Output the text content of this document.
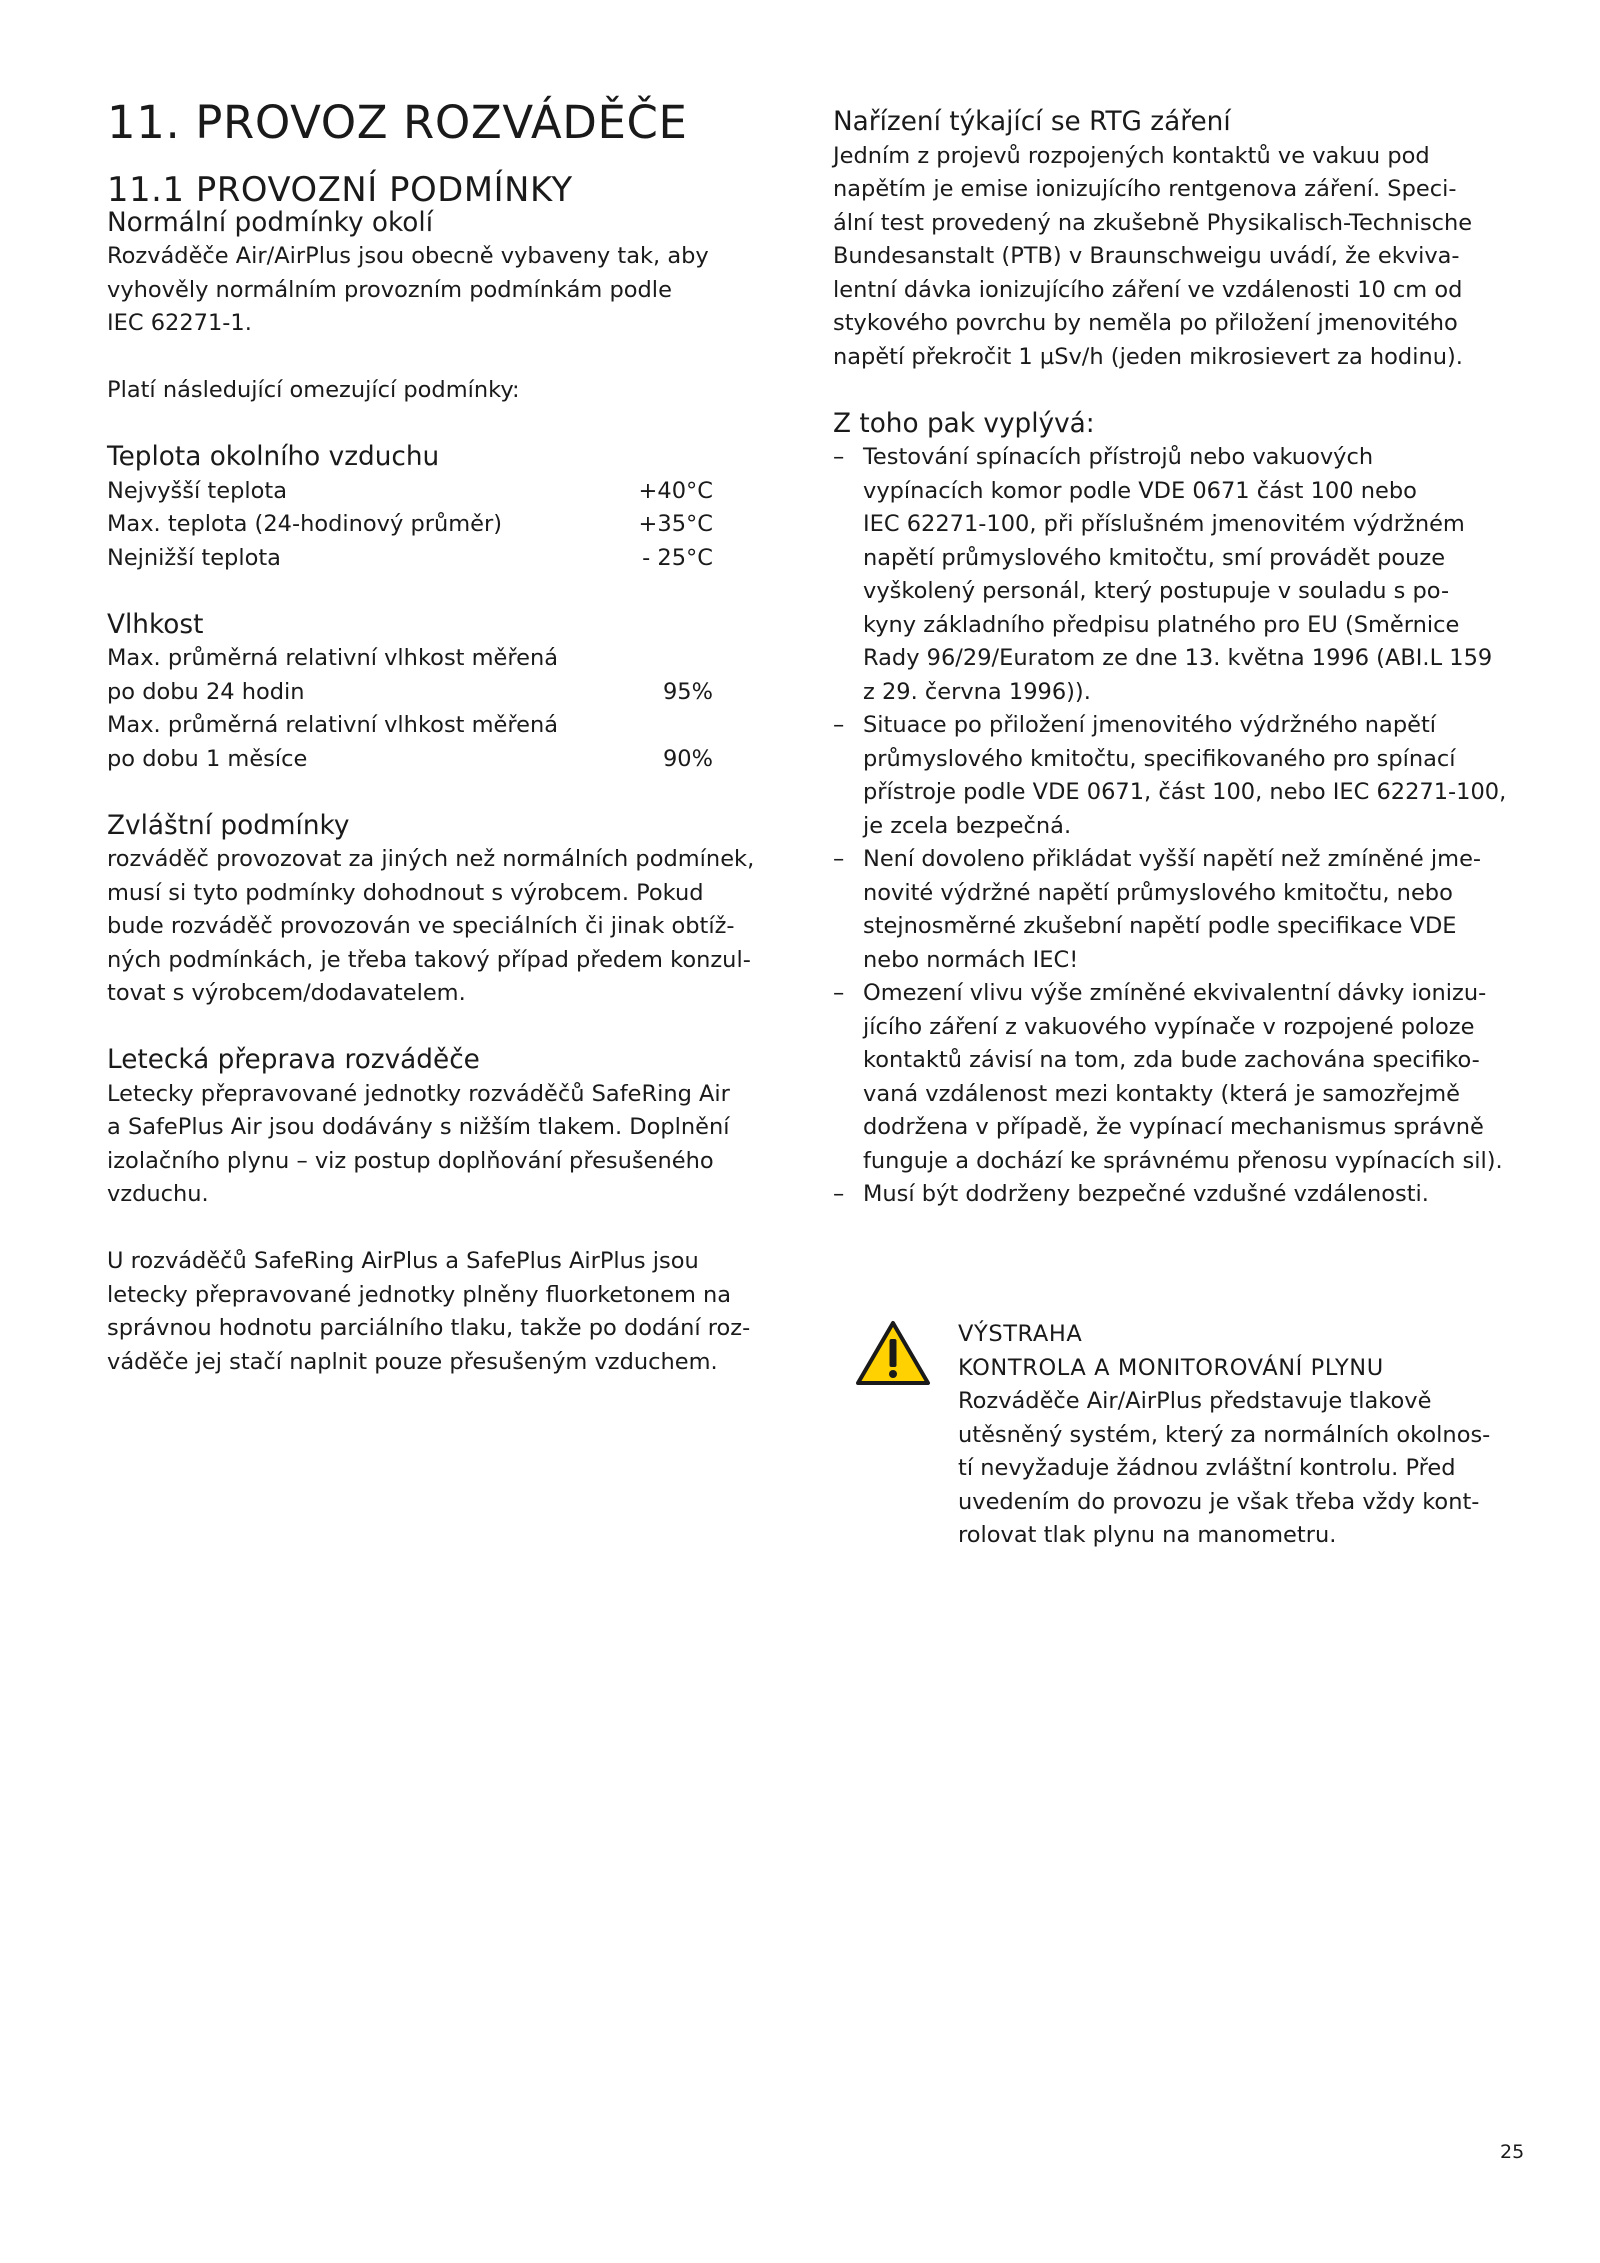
11. PROVOZ ROZVÁDĚČE
11.1 PROVOZNÍ PODMÍNKY
Normální podmínky okolí
Rozváděče Air/AirPlus jsou obecně vybaveny tak, aby
vyhověly normálním provozním podmínkám podle
IEC 62271-1.

Platí následující omezující podmínky:

Teplota okolního vzduchu
Nejvyšší teplota	+40°C
Max. teplota (24-hodinový průměr)	+35°C
Nejnižší teplota	- 25°C
Vlhkost
Max. průměrná relativní vlhkost měřená
po dobu 24 hodin	95%
Max. průměrná relativní vlhkost měřená
po dobu 1 měsíce	90%
Zvláštní podmínky
rozváděč provozovat za jiných než normálních podmínek,
musí si tyto podmínky dohodnout s výrobcem. Pokud
bude rozváděč provozován ve speciálních či jinak obtíž-
ných podmínkách, je třeba takový případ předem konzul-
tovat s výrobcem/dodavatelem.
Letecká přeprava rozváděče
Letecky přepravované jednotky rozváděčů SafeRing Air
a SafePlus Air jsou dodávány s nižším tlakem. Doplnění
izolačního plynu – viz postup doplňování přesušeného
vzduchu.
U rozváděčů SafeRing AirPlus a SafePlus AirPlus jsou
letecky přepravované jednotky plněny fluorketonem na
správnou hodnotu parciálního tlaku, takže po dodání roz-
váděče jej stačí naplnit pouze přesušeným vzduchem.
Nařízení týkající se RTG záření
Jedním z projevů rozpojených kontaktů ve vakuu pod
napětím je emise ionizujícího rentgenova záření. Speci-
ální test provedený na zkušebně Physikalisch-Technische
Bundesanstalt (PTB) v Braunschweigu uvádí, že ekviva-
lentní dávka ionizujícího záření ve vzdálenosti 10 cm od
stykového povrchu by neměla po přiložení jmenovitého
napětí překročit 1 µSv/h (jeden mikrosievert za hodinu).
Z toho pak vyplývá:
– Testování spínacích přístrojů nebo vakuových
vypínacích komor podle VDE 0671 část 100 nebo
IEC 62271-100, při příslušném jmenovitém výdržném
napětí průmyslového kmitočtu, smí provádět pouze
vyškolený personál, který postupuje v souladu s po-
kyny základního předpisu platného pro EU (Směrnice
Rady 96/29/Euratom ze dne 13. května 1996 (ABI.L 159
z 29. června 1996)).
– Situace po přiložení jmenovitého výdržného napětí
průmyslového kmitočtu, specifikovaného pro spínací
přístroje podle VDE 0671, část 100, nebo IEC 62271-100,
je zcela bezpečná.
– Není dovoleno přikládat vyšší napětí než zmíněné jme-
novité výdržné napětí průmyslového kmitočtu, nebo
stejnosměrné zkušební napětí podle specifikace VDE
nebo normách IEC!
– Omezení vlivu výše zmíněné ekvivalentní dávky ionizu-
jícího záření z vakuového vypínače v rozpojené poloze
kontaktů závisí na tom, zda bude zachována specifiko-
vaná vzdálenost mezi kontakty (která je samozřejmě
dodržena v případě, že vypínací mechanismus správně
funguje a dochází ke správnému přenosu vypínacích sil).
– Musí být dodrženy bezpečné vzdušné vzdálenosti.
VÝSTRAHA
KONTROLA A MONITOROVÁNÍ PLYNU
Rozváděče Air/AirPlus představuje tlakově
utěsněný systém, který za normálních okolnos-
tí nevyžaduje žádnou zvláštní kontrolu. Před
uvedením do provozu je však třeba vždy kont-
rolovat tlak plynu na manometru.
25
